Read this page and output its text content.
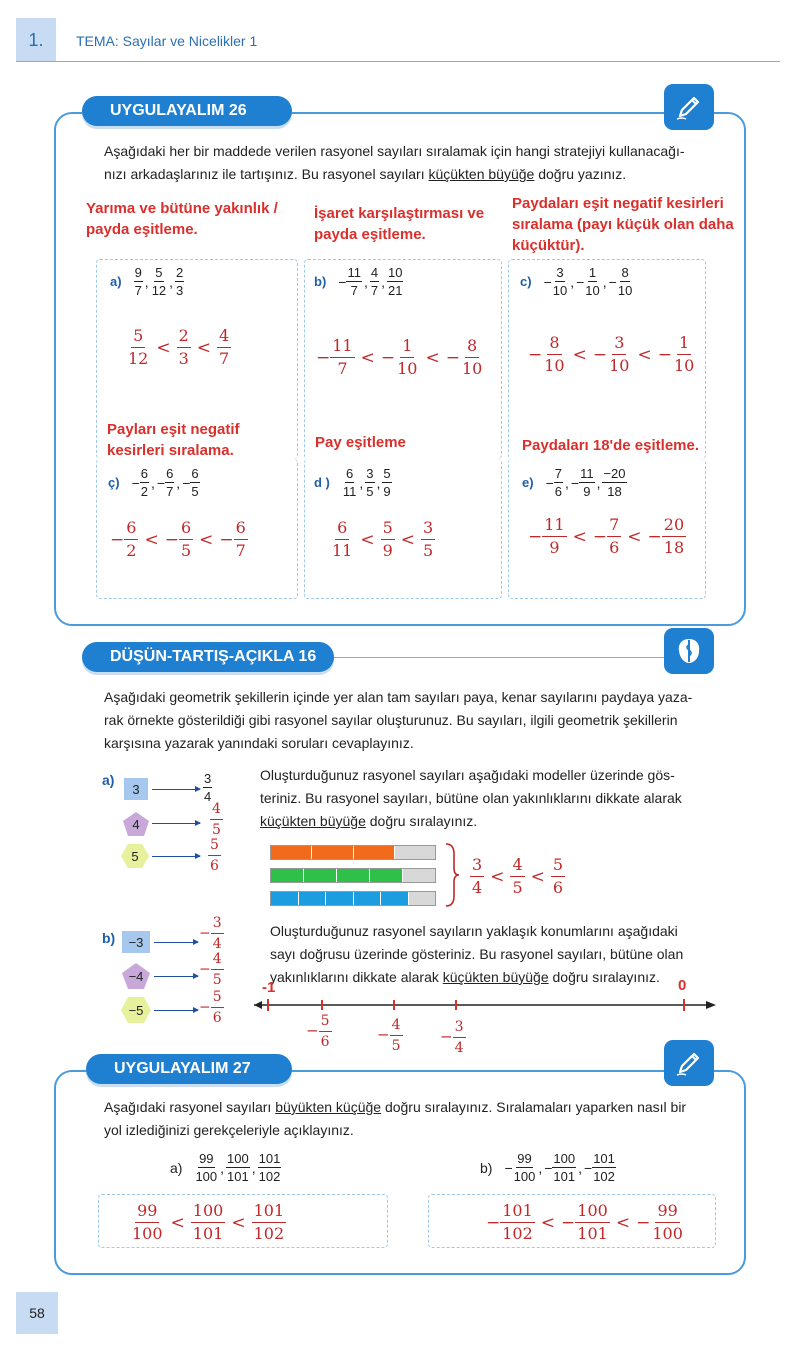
1.	TEMA: Sayılar ve Nicelikler 1
UYGULAYALIM 26
Aşağıdaki her bir maddede verilen rasyonel sayıları sıralamak için hangi stratejiyi kullanacağı-
nızı arkadaşlarınız ile tartışınız. Bu rasyonel sayıları küçükten büyüğe doğru yazınız.
Yarıma ve bütüne yakınlık / payda eşitleme.
İşaret karşılaştırması ve payda eşitleme.
Paydaları eşit negatif kesirleri sıralama (payı küçük olan daha küçüktür).
Payları eşit negatif kesirleri sıralama.	Pay eşitleme	Paydaları 18'de eşitleme.
$a) \frac{9}{7}$ , $\frac{5}{12}$ , $\frac{2}{3}$
5
12
<
2
3
<
4
7
$b) - \frac{11}{7}$ , $\frac{4}{7}$ , $\frac{10}{21}$
− $\frac{11}{7}$ < − $\frac{1}{10}$ < − $\frac{8}{10}$
$c) - \frac{3}{10}$ , − $\frac{1}{10}$ , − $\frac{8}{10}$
− $\frac{8}{10}$ < − $\frac{3}{10}$ < − $\frac{1}{10}$
ç) − $\frac{6}{2}$ , − $\frac{6}{7}$ , − $\frac{6}{5}$
− $\frac{6}{2}$ < − $\frac{6}{5}$ < − $\frac{6}{7}$
d ) $\frac{6}{11}$ , $\frac{3}{5}$ , $\frac{5}{9}$
6
11
<
5
9
<
3
5
$e) - \frac{7}{6}$ , − $\frac{11}{9}$ , $\frac{-20}{18}$
− $\frac{11}{9}$ < − $\frac{7}{6}$ < − $\frac{20}{18}$
DÜŞÜN-TARTIŞ-AÇIKLA 16
Aşağıdaki geometrik şekillerin içinde yer alan tam sayıları paya, kenar sayılarını paydaya yaza-
rak örnekte gösterildiği gibi rasyonel sayılar oluşturunuz. Bu sayıları, ilgili geometrik şekillerin
karşısına yazarak yanındaki soruları cevaplayınız.
a)
3
4
5
$\frac{3}{4}$
$\frac{4}{5}$
$\frac{5}{6}$
Oluşturduğunuz rasyonel sayıları aşağıdaki modeller üzerinde gös-
teriniz. Bu rasyonel sayıları, bütüne olan yakınlıklarını dikkate alarak
küçükten büyüğe doğru sıralayınız.
3
4
<
4
5
<
5
6
b)	−3
−4
−5
− $\frac{3}{4}$
− $\frac{4}{5}$
− $\frac{5}{6}$
Oluşturduğunuz rasyonel sayıların yaklaşık konumlarını aşağıdaki
sayı doğrusu üzerinde gösteriniz. Bu rasyonel sayıları, bütüne olan
yakınlıklarını dikkate alarak küçükten büyüğe doğru sıralayınız.
-1	0
− $\frac{5}{6}$	− $\frac{4}{5}$	− $\frac{3}{4}$
UYGULAYALIM 27
Aşağıdaki rasyonel sayıları büyükten küçüğe doğru sıralayınız. Sıralamaları yaparken nasıl bir
yol izlediğinizi gerekçeleriyle açıklayınız.
$a) \frac{99}{100}$ , $\frac{100}{101}$ , $\frac{101}{102}$	$b) - \frac{99}{100}$ , − $\frac{100}{101}$ , − $\frac{101}{102}$
99
100
<
100
101
<
101
102
− $\frac{101}{102}$ < − $\frac{100}{101}$ < − $\frac{99}{100}$
58
